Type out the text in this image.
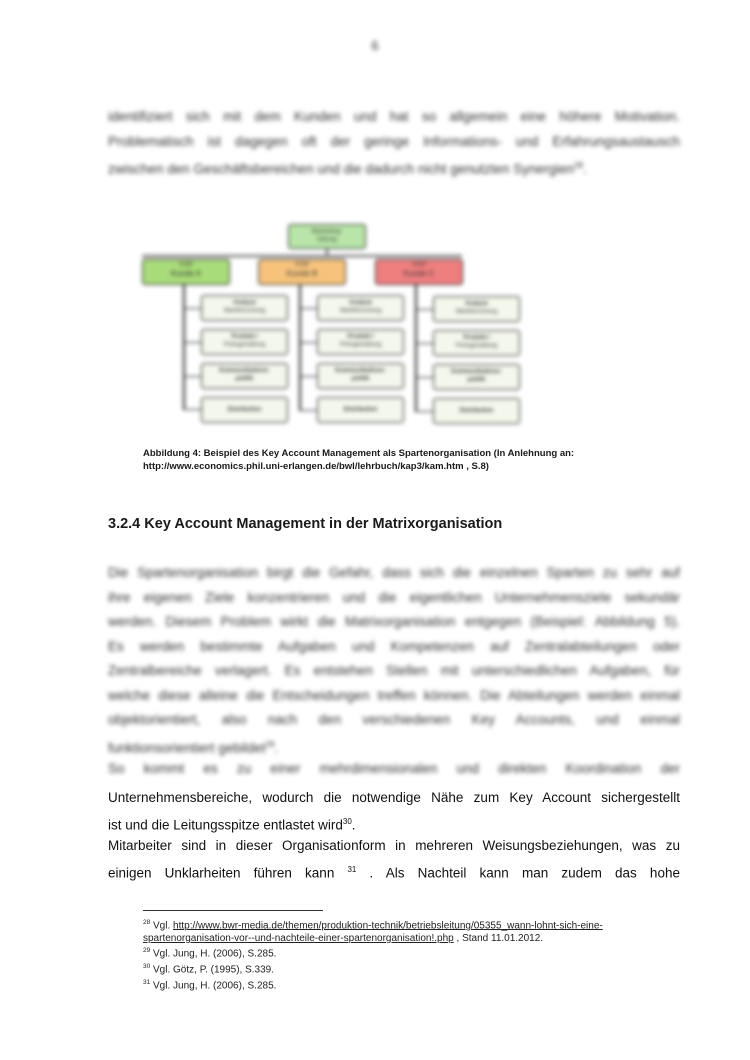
6
identifiziert sich mit dem Kunden und hat so allgemein eine höhere Motivation.
Problematisch ist dagegen oft der geringe Informations- und Erfahrungsaustausch
zwischen den Geschäftsbereichen und die dadurch nicht genutzten Synergien$^{28}$.
Marketing-
leitung
KAM
Kunde A
KAM
Kunde B
KAM
Kunde C
Analyse
Marktforschung
Produkt-/
Preisgestaltung
Kommunikations-
politik
Distribution
Analyse
Marktforschung
Produkt-/
Preisgestaltung
Kommunikations-
politik
Distribution
Analyse
Marktforschung
Produkt-/
Preisgestaltung
Kommunikations-
politik
Distribution
Abbildung 4: Beispiel des Key Account Management als Spartenorganisation (In Anlehnung an:
http://www.economics.phil.uni-erlangen.de/bwl/lehrbuch/kap3/kam.htm , S.8)
3.2.4 Key Account Management in der Matrixorganisation
Die Spartenorganisation birgt die Gefahr, dass sich die einzelnen Sparten zu sehr auf
ihre eigenen Ziele konzentrieren und die eigentlichen Unternehmensziele sekundär
werden. Diesem Problem wirkt die Matrixorganisation entgegen (Beispiel: Abbildung 5).
Es werden bestimmte Aufgaben und Kompetenzen auf Zentralabteilungen oder
Zentralbereiche verlagert. Es entstehen Stellen mit unterschiedlichen Aufgaben, für
welche diese alleine die Entscheidungen treffen können. Die Abteilungen werden einmal
objektorientiert, also nach den verschiedenen Key Accounts, und einmal
funktionsorientiert gebildet$^{29}$.
So kommt es zu einer mehrdimensionalen und direkten Koordination der
Unternehmensbereiche, wodurch die notwendige Nähe zum Key Account sichergestellt
ist und die Leitungsspitze entlastet wird$^{30}$.
Mitarbeiter sind in dieser Organisationform in mehreren Weisungsbeziehungen, was zu
einigen Unklarheiten führen kann $^{31}$ . Als Nachteil kann man zudem das hohe
$^{28}$ Vgl. http://www.bwr-media.de/themen/produktion-technik/betriebsleitung/05355_wann-lohnt-sich-eine-spartenorganisation-vor--und-nachteile-einer-spartenorganisation!.php , Stand 11.01.2012.
$^{29}$ Vgl. Jung, H. (2006), S.285.
$^{30}$ Vgl. Götz, P. (1995), S.339.
$^{31}$ Vgl. Jung, H. (2006), S.285.
